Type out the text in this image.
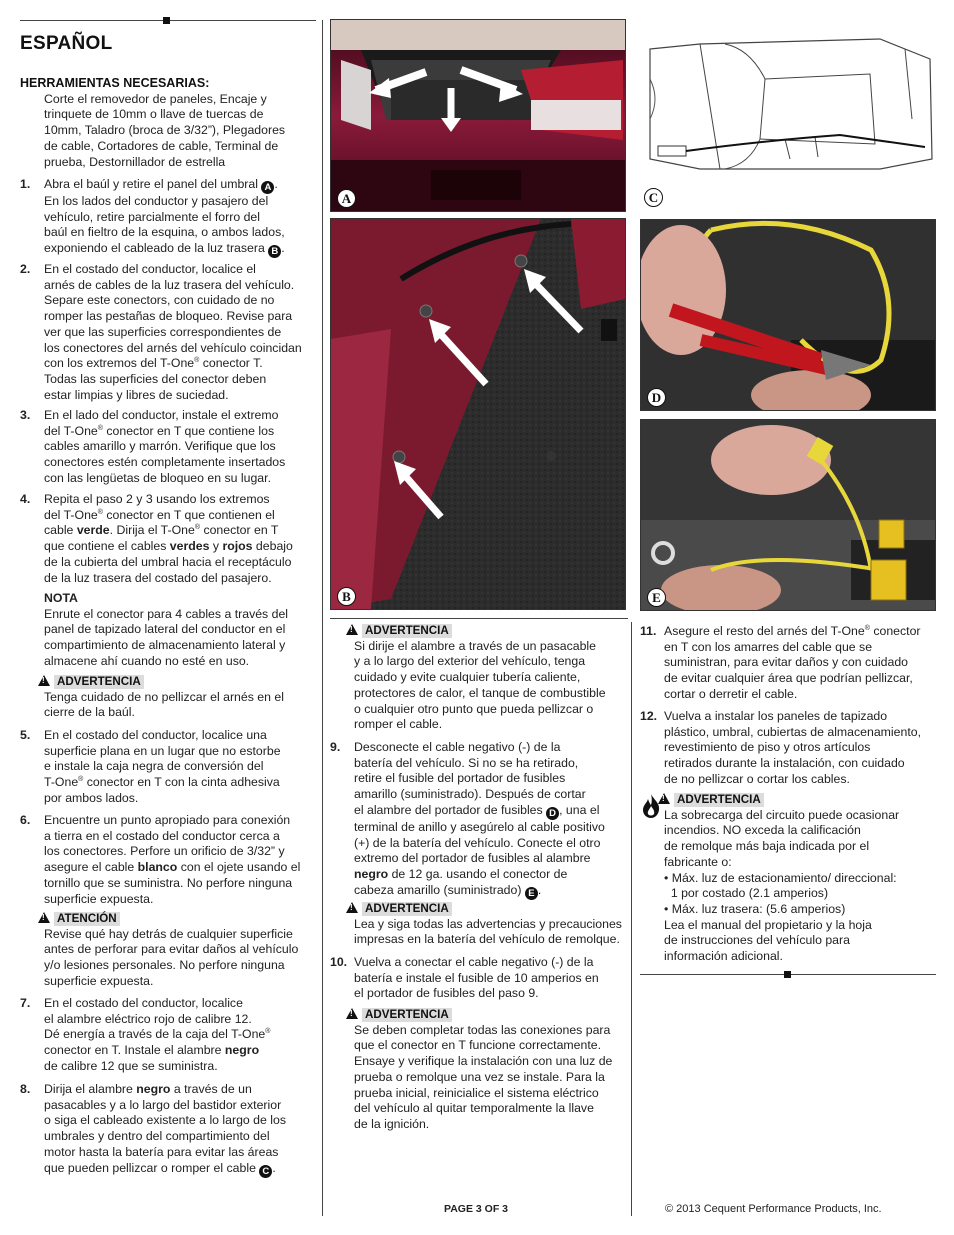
ESPAÑOL
HERRAMIENTAS NECESARIAS:
Corte el removedor de paneles, Encaje y
trinquete de 10mm o llave de tuercas de
10mm, Taladro (broca de 3/32”), Plegadores
de cable, Cortadores de cable, Terminal de
prueba, Destornillador de estrella
1. Abra el baúl y retire el panel del umbral A .
En los lados del conductor y pasajero del
vehículo, retire parcialmente el forro del
baúl en fieltro de la esquina, o ambos lados,
exponiendo el cableado de la luz trasera B .
2. En el costado del conductor, localice el
arnés de cables de la luz trasera del vehículo.
Separe este conectors, con cuidado de no
romper las pestañas de bloqueo. Revise para
ver que las superficies correspondientes de
los conectores del arnés del vehículo coincidan
con los extremos del T-One® conector T.
Todas las superficies del conector deben
estar limpias y libres de suciedad.
3. En el lado del conductor, instale el extremo
del T-One® conector en T que contiene los
cables amarillo y marrón. Verifique que los
conectores estén completamente insertados
con las lengüetas de bloqueo en su lugar.
4. Repita el paso 2 y 3 usando los extremos
del T-One® conector en T que contienen el
cable verde. Dirija el T-One® conector en T
que contiene el cables verdes y rojos debajo
de la cubierta del umbral hacia el receptáculo
de la luz trasera del costado del pasajero.
NOTA
Enrute el conector para 4 cables a través del
panel de tapizado lateral del conductor en el
compartimiento de almacenamiento lateral y
almacene ahí cuando no esté en uso.
!ADVERTENCIA
Tenga cuidado de no pellizcar el arnés en el
cierre de la baúl.
5. En el costado del conductor, localice una
superficie plana en un lugar que no estorbe
e instale la caja negra de conversión del
T-One® conector en T con la cinta adhesiva
por ambos lados.
6. Encuentre un punto apropiado para conexión
a tierra en el costado del conductor cerca a
los conectores. Perfore un orificio de 3/32” y
asegure el cable blanco con el ojete usando el
tornillo que se suministra. No perfore ninguna
superficie expuesta.
!ATENCIÓN
Revise qué hay detrás de cualquier superficie
antes de perforar para evitar daños al vehículo
y/o lesiones personales. No perfore ninguna
superficie expuesta.
7. En el costado del conductor, localice
el alambre eléctrico rojo de calibre 12.
Dé energía a través de la caja del T-One®
conector en T. Instale el alambre negro
de calibre 12 que se suministra.
8. Dirija el alambre negro a través de un
pasacables y a lo largo del bastidor exterior
o siga el cableado existente a lo largo de los
umbrales y dentro del compartimiento del
motor hasta la batería para evitar las áreas
que pueden pellizcar o romper el cable C .
A	C
B
D
E
!ADVERTENCIA
Si dirije el alambre a través de un pasacable
y a lo largo del exterior del vehículo, tenga
cuidado y evite cualquier tubería caliente,
protectores de calor, el tanque de combustible
o cualquier otro punto que pueda pellizcar o
romper el cable.
9. Desconecte el cable negativo (-) de la
batería del vehículo. Si no se ha retirado,
retire el fusible del portador de fusibles
amarillo (suministrado). Después de cortar
el alambre del portador de fusibles D , una el
terminal de anillo y asegúrelo al cable positivo
(+) de la batería del vehículo. Conecte el otro
extremo del portador de fusibles al alambre
negro de 12 ga. usando el conector de
cabeza amarillo (suministrado) E .
!ADVERTENCIA
Lea y siga todas las advertencias y precauciones
impresas en la batería del vehículo de remolque.
10. Vuelva a conectar el cable negativo (-) de la
batería e instale el fusible de 10 amperios en
el portador de fusibles del paso 9.
!ADVERTENCIA
Se deben completar todas las conexiones para
que el conector en T funcione correctamente.
Ensaye y verifique la instalación con una luz de
prueba o remolque una vez se instale. Para la
prueba inicial, reinicialice el sistema eléctrico
del vehículo al quitar temporalmente la llave
de la ignición.
11. Asegure el resto del arnés del T-One® conector
en T con los amarres del cable que se
suministran, para evitar daños y con cuidado
de evitar cualquier área que podrían pellizcar,
cortar o derretir el cable.
12. Vuelva a instalar los paneles de tapizado
plástico, umbral, cubiertas de almacenamiento,
revestimiento de piso y otros artículos
retirados durante la instalación, con cuidado
de no pellizcar o cortar los cables.
!ADVERTENCIA
La sobrecarga del circuito puede ocasionar
incendios. NO exceda la calificación
de remolque más baja indicada por el
fabricante o:
• Máx. luz de estacionamiento/ direccional:
1 por costado (2.1 amperios)
• Máx. luz trasera: (5.6 amperios)
Lea el manual del propietario y la hoja
de instrucciones del vehículo para
información adicional.
PAGE 3 OF 3	© 2013 Cequent Performance Products, Inc.
